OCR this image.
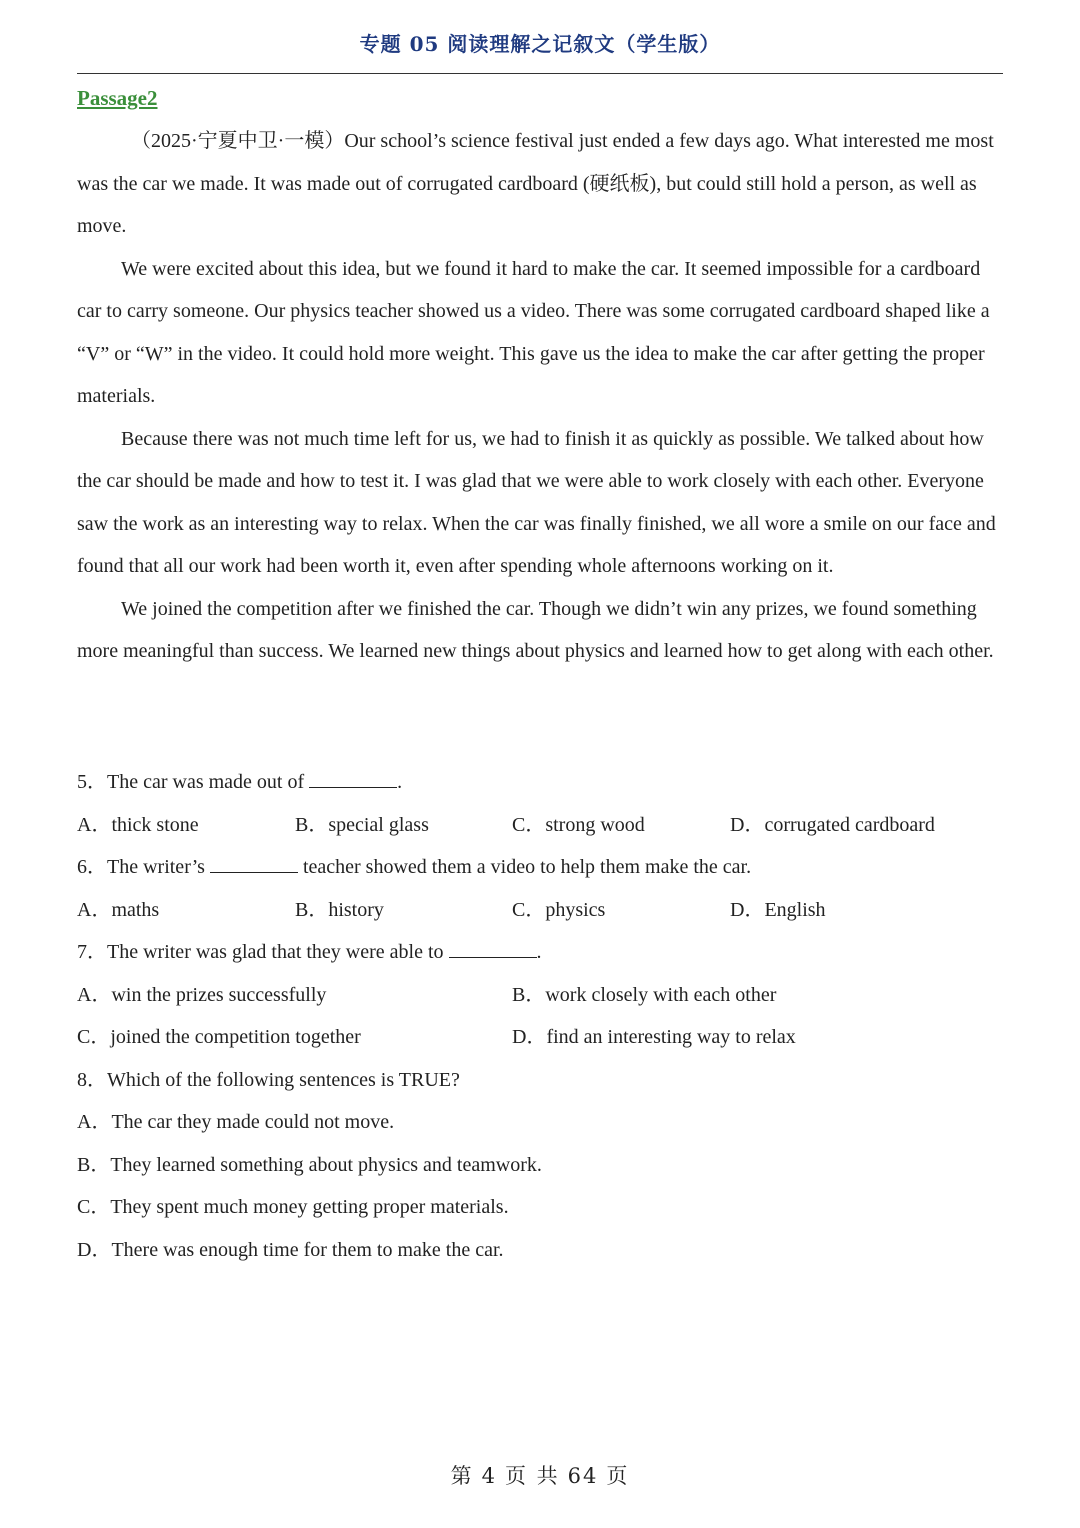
专题 05 阅读理解之记叙文（学生版）
Passage2

（2025·宁夏中卫·一模）Our school’s science festival just ended a few days ago. What interested me most was the car we made. It was made out of corrugated cardboard (硬纸板), but could still hold a person, as well as move.

We were excited about this idea, but we found it hard to make the car. It seemed impossible for a cardboard car to carry someone. Our physics teacher showed us a video. There was some corrugated cardboard shaped like a “V” or “W” in the video. It could hold more weight. This gave us the idea to make the car after getting the proper materials.

Because there was not much time left for us, we had to finish it as quickly as possible. We talked about how the car should be made and how to test it. I was glad that we were able to work closely with each other. Everyone saw the work as an interesting way to relax. When the car was finally finished, we all wore a smile on our face and found that all our work had been worth it, even after spending whole afternoons working on it.

We joined the competition after we finished the car. Though we didn’t win any prizes, we found something more meaningful than success. We learned new things about physics and learned how to get along with each other.

5．The car was made out of	.
A．thick stone	B．special glass	C．strong wood	D．corrugated cardboard
6．The writer’s	teacher showed them a video to help them make the car.
A．maths	B．history	C．physics	D．English
7．The writer was glad that they were able to	.
A．win the prizes successfully	B．work closely with each other
C．joined the competition together	D．find an interesting way to relax
8．Which of the following sentences is TRUE?
A．The car they made could not move.
B．They learned something about physics and teamwork.
C．They spent much money getting proper materials.
D．There was enough time for them to make the car.
第 4 页 共 64 页
